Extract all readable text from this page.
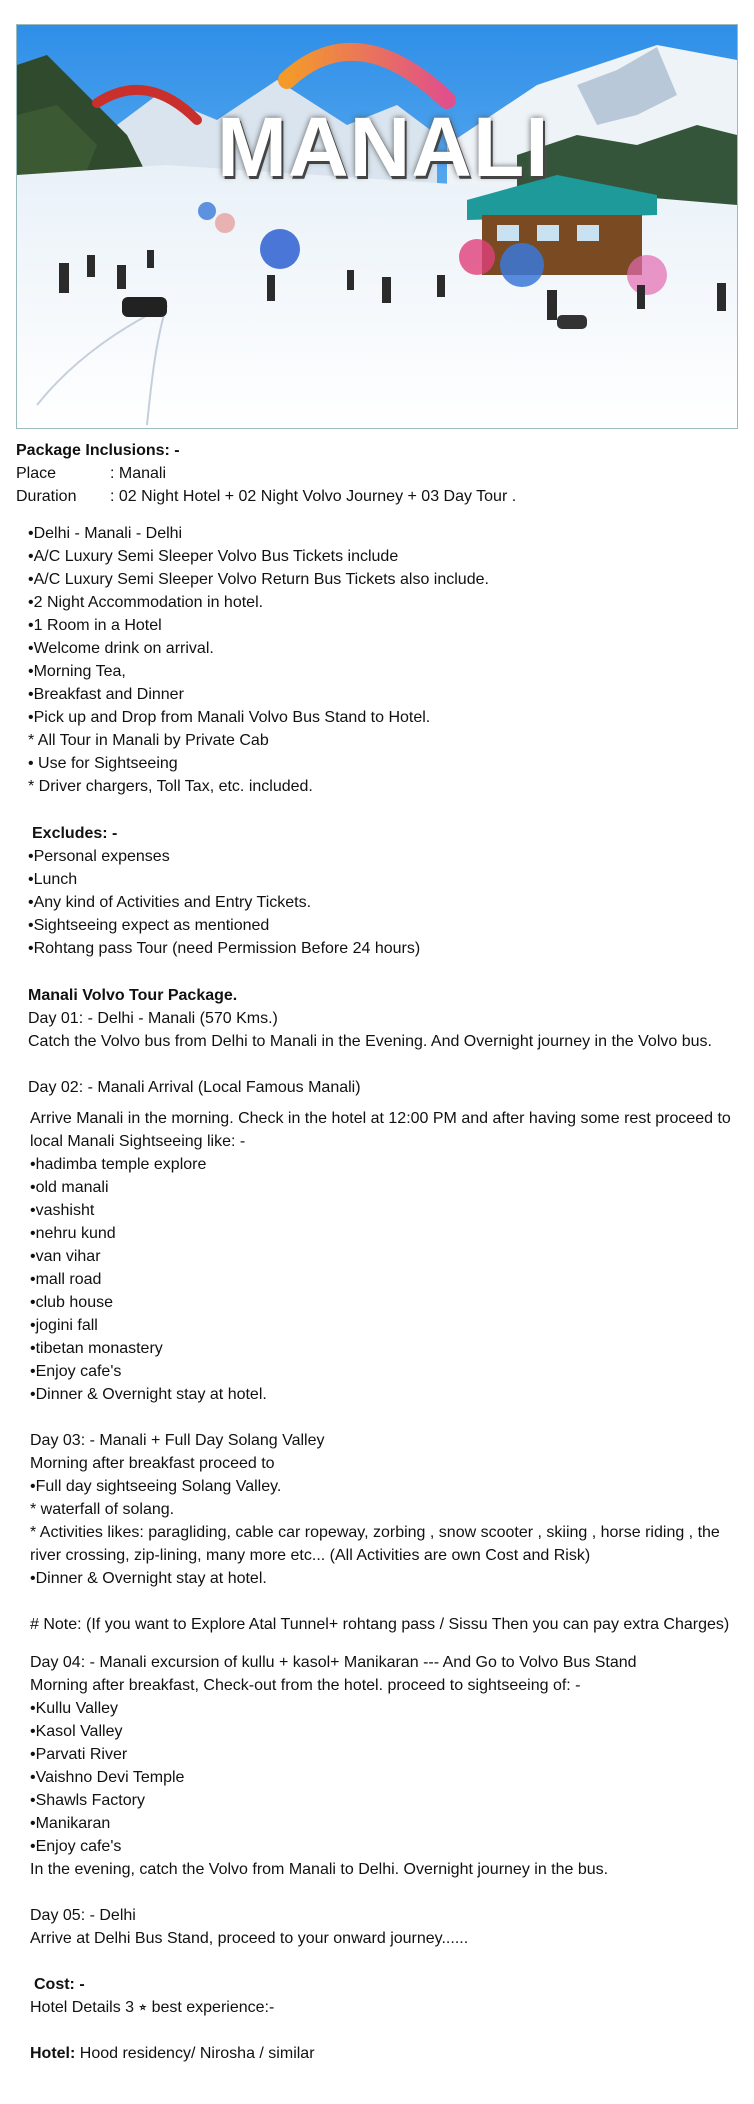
MANALI
Package Inclusions: -
Place	: Manali
Duration : 02 Night Hotel + 02 Night Volvo Journey + 03 Day Tour .
•Delhi - Manali - Delhi
•A/C Luxury Semi Sleeper Volvo Bus Tickets include
•A/C Luxury Semi Sleeper Volvo Return Bus Tickets also include.
•2 Night Accommodation in hotel.
•1 Room in a Hotel
•Welcome drink on arrival.
•Morning Tea,
•Breakfast and Dinner
•Pick up and Drop from Manali Volvo Bus Stand to Hotel.
* All Tour in Manali by Private Cab
• Use for Sightseeing
* Driver chargers, Toll Tax, etc. included.
Excludes: -
•Personal expenses
•Lunch
•Any kind of Activities and Entry Tickets.
•Sightseeing expect as mentioned
•Rohtang pass Tour (need Permission Before 24 hours)
Manali Volvo Tour Package.
Day 01: - Delhi - Manali (570 Kms.)
Catch the Volvo bus from Delhi to Manali in the Evening. And Overnight journey in the Volvo bus.
Day 02: - Manali Arrival (Local Famous Manali)
Arrive Manali in the morning. Check in the hotel at 12:00 PM and after having some rest proceed to
local Manali Sightseeing like: -
•hadimba temple explore
•old manali
•vashisht
•nehru kund
•van vihar
•mall road
•club house
•jogini fall
•tibetan monastery
•Enjoy cafe's
•Dinner & Overnight stay at hotel.
Day 03: - Manali + Full Day Solang Valley
Morning after breakfast proceed to
•Full day sightseeing Solang Valley.
* waterfall of solang.
* Activities likes: paragliding, cable car ropeway, zorbing , snow scooter , skiing , horse riding , the
river crossing, zip-lining, many more etc... (All Activities are own Cost and Risk)
•Dinner & Overnight stay at hotel.
# Note: (If you want to Explore Atal Tunnel+ rohtang pass / Sissu Then you can pay extra Charges)
Day 04: - Manali excursion of kullu + kasol+ Manikaran --- And Go to Volvo Bus Stand
Morning after breakfast, Check-out from the hotel. proceed to sightseeing of: -
•Kullu Valley
•Kasol Valley
•Parvati River
•Vaishno Devi Temple
•Shawls Factory
•Manikaran
•Enjoy cafe's
In the evening, catch the Volvo from Manali to Delhi. Overnight journey in the bus.
Day 05: - Delhi
Arrive at Delhi Bus Stand, proceed to your onward journey......
Cost: -
Hotel Details 3 ⭒ best experience:-
Hotel: Hood residency/ Nirosha / similar
